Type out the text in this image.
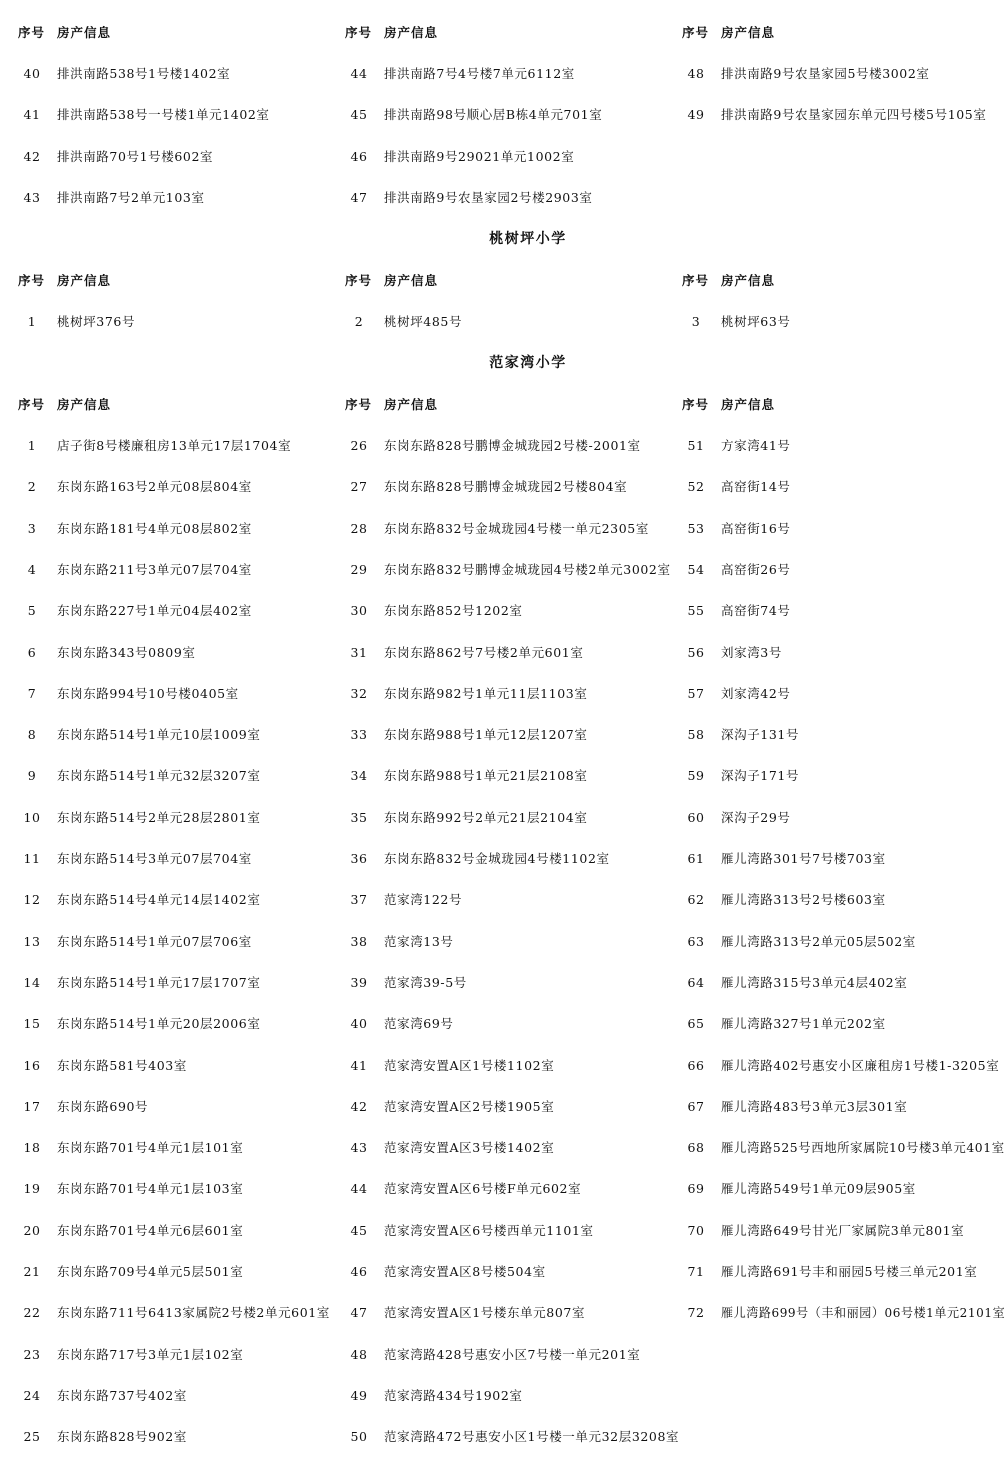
序号 房产信息	序号 房产信息	序号 房产信息
40	排洪南路538号1号楼1402室	44	排洪南路7号4号楼7单元6112室	48	排洪南路9号农垦家园5号楼3002室
41	排洪南路538号一号楼1单元1402室	45	排洪南路98号顺心居B栋4单元701室	49	排洪南路9号农垦家园东单元四号楼5号105室
42	排洪南路70号1号楼602室	46	排洪南路9号29021单元1002室
43	排洪南路7号2单元103室	47	排洪南路9号农垦家园2号楼2903室
桃树坪小学
序号 房产信息	序号 房产信息	序号 房产信息
1	桃树坪376号	2	桃树坪485号	3	桃树坪63号
范家湾小学
序号 房产信息	序号 房产信息	序号 房产信息
1	店子街8号楼廉租房13单元17层1704室	26	东岗东路828号鹏博金城珑园2号楼-2001室	51	方家湾41号
2	东岗东路163号2单元08层804室	27	东岗东路828号鹏博金城珑园2号楼804室	52	高窑街14号
3	东岗东路181号4单元08层802室	28	东岗东路832号金城珑园4号楼一单元2305室	53	高窑街16号
4	东岗东路211号3单元07层704室	29	东岗东路832号鹏博金城珑园4号楼2单元3002室	54	高窑街26号
5	东岗东路227号1单元04层402室	30	东岗东路852号1202室	55	高窑街74号
6	东岗东路343号0809室	31	东岗东路862号7号楼2单元601室	56	刘家湾3号
7	东岗东路994号10号楼0405室	32	东岗东路982号1单元11层1103室	57	刘家湾42号
8	东岗东路514号1单元10层1009室	33	东岗东路988号1单元12层1207室	58	深沟子131号
9	东岗东路514号1单元32层3207室	34	东岗东路988号1单元21层2108室	59	深沟子171号
10	东岗东路514号2单元28层2801室	35	东岗东路992号2单元21层2104室	60	深沟子29号
11	东岗东路514号3单元07层704室	36	东岗东路832号金城珑园4号楼1102室	61	雁儿湾路301号7号楼703室
12	东岗东路514号4单元14层1402室	37	范家湾122号	62	雁儿湾路313号2号楼603室
13	东岗东路514号1单元07层706室	38	范家湾13号	63	雁儿湾路313号2单元05层502室
14	东岗东路514号1单元17层1707室	39	范家湾39-5号	64	雁儿湾路315号3单元4层402室
15	东岗东路514号1单元20层2006室	40	范家湾69号	65	雁儿湾路327号1单元202室
16	东岗东路581号403室	41	范家湾安置A区1号楼1102室	66	雁儿湾路402号惠安小区廉租房1号楼1-3205室
17	东岗东路690号	42	范家湾安置A区2号楼1905室	67	雁儿湾路483号3单元3层301室
18	东岗东路701号4单元1层101室	43	范家湾安置A区3号楼1402室	68	雁儿湾路525号西地所家属院10号楼3单元401室
19	东岗东路701号4单元1层103室	44	范家湾安置A区6号楼F单元602室	69	雁儿湾路549号1单元09层905室
20	东岗东路701号4单元6层601室	45	范家湾安置A区6号楼西单元1101室	70	雁儿湾路649号甘光厂家属院3单元801室
21	东岗东路709号4单元5层501室	46	范家湾安置A区8号楼504室	71	雁儿湾路691号丰和丽园5号楼三单元201室
22	东岗东路711号6413家属院2号楼2单元601室	47	范家湾安置A区1号楼东单元807室	72	雁儿湾路699号（丰和丽园）06号楼1单元2101室
23	东岗东路717号3单元1层102室	48	范家湾路428号惠安小区7号楼一单元201室
24	东岗东路737号402室	49	范家湾路434号1902室
25	东岗东路828号902室	50	范家湾路472号惠安小区1号楼一单元32层3208室
